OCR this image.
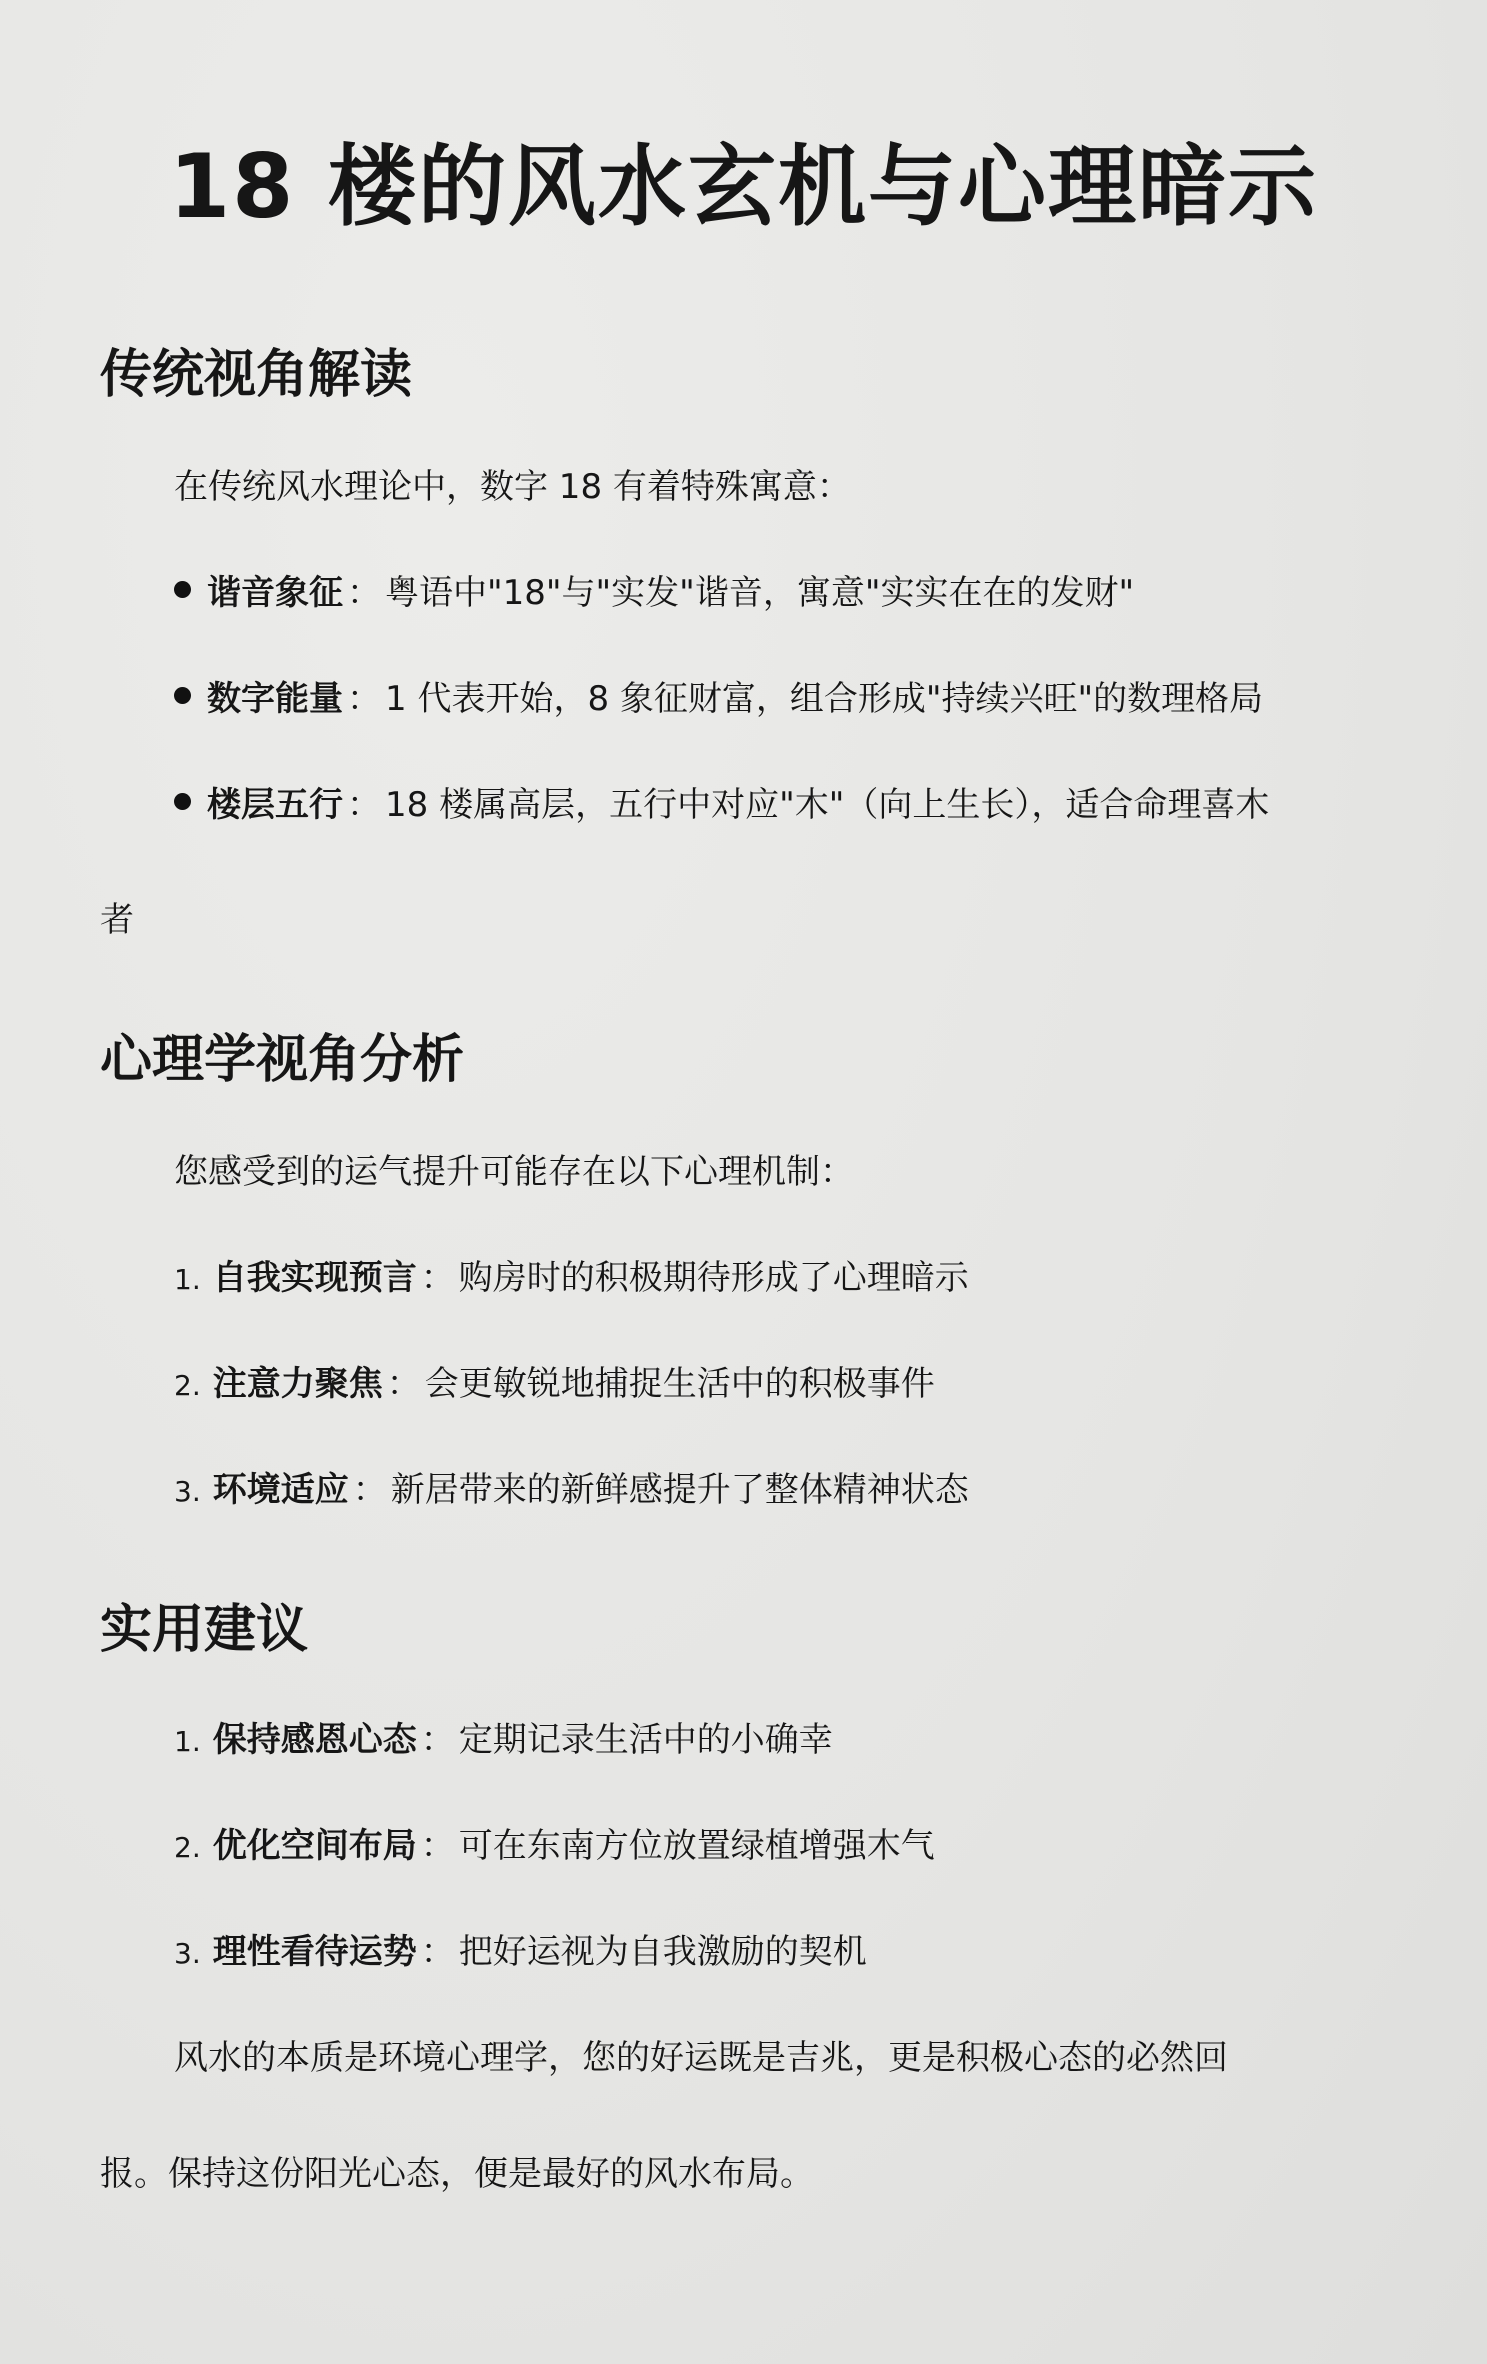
18 楼的风水玄机与心理暗示
传统视角解读
在传统风水理论中，数字 18 有着特殊寓意：
谐音象征 ： 粤语中"18"与"实发"谐音，寓意"实实在在的发财"
数字能量 ： 1 代表开始，8 象征财富，组合形成"持续兴旺"的数理格局
楼层五行 ： 18 楼属高层，五行中对应"木"（向上生长），适合命理喜木
者
心理学视角分析
您感受到的运气提升可能存在以下心理机制：
1. 自我实现预言 ： 购房时的积极期待形成了心理暗示
2. 注意力聚焦 ： 会更敏锐地捕捉生活中的积极事件
3. 环境适应 ： 新居带来的新鲜感提升了整体精神状态
实用建议
1. 保持感恩心态 ： 定期记录生活中的小确幸
2. 优化空间布局 ： 可在东南方位放置绿植增强木气
3. 理性看待运势 ： 把好运视为自我激励的契机
风水的本质是环境心理学，您的好运既是吉兆，更是积极心态的必然回
报。保持这份阳光心态，便是最好的风水布局。
